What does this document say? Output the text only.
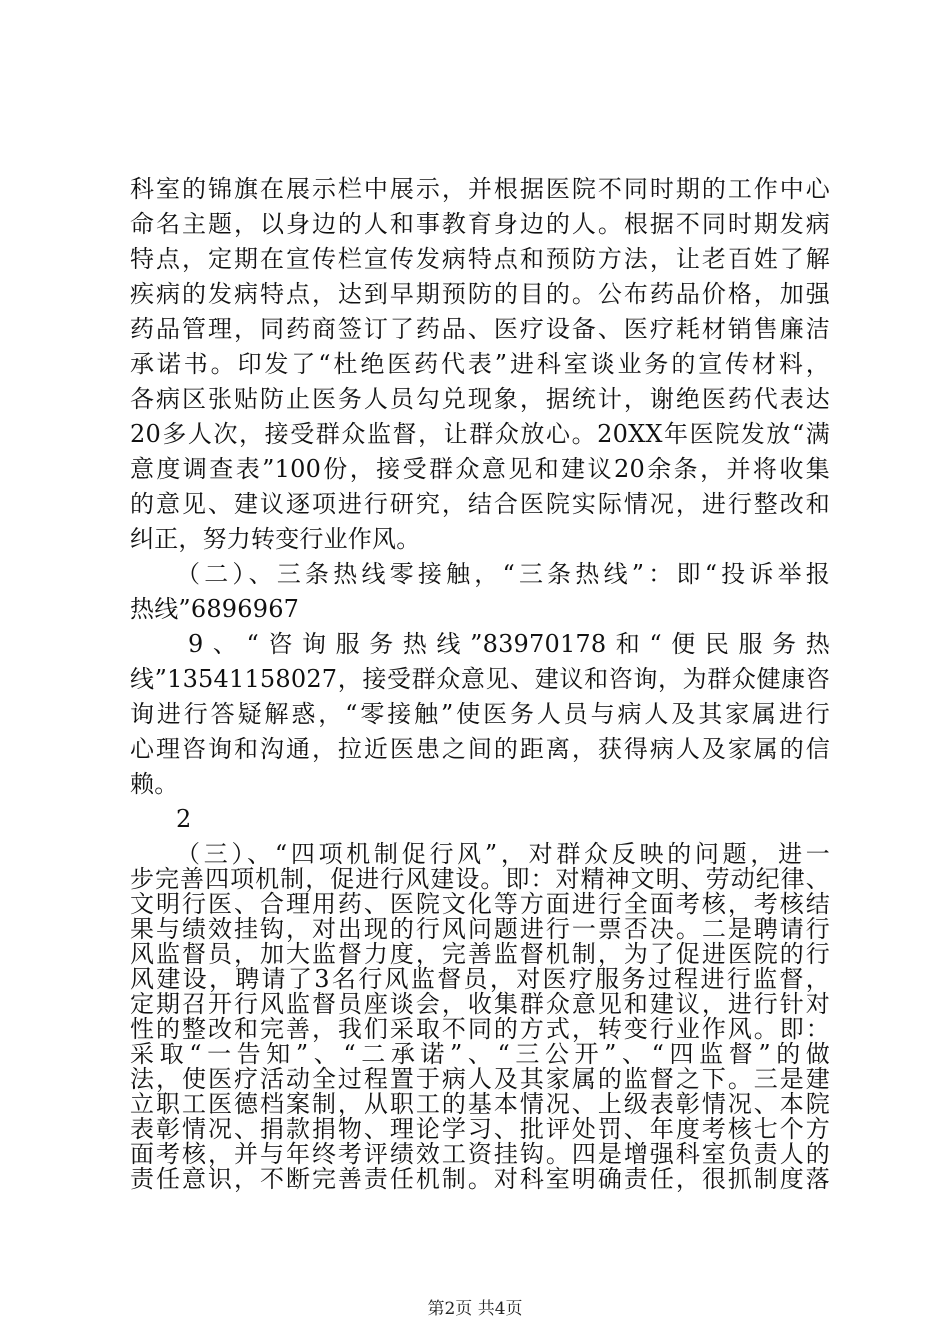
科室的锦旗在展示栏中展示，并根据医院不同时期的工作中心
命名主题，以身边的人和事教育身边的人。根据不同时期发病
特点，定期在宣传栏宣传发病特点和预防方法，让老百姓了解
疾病的发病特点，达到早期预防的目的。公布药品价格，加强
药品管理，同药商签订了药品、医疗设备、医疗耗材销售廉洁
承诺书。印发了“杜绝医药代表”进科室谈业务的宣传材料，
各病区张贴防止医务人员勾兑现象，据统计，谢绝医药代表达
20多人次，接受群众监督，让群众放心。20XX年医院发放“满
意度调查表”100份，接受群众意见和建议20余条，并将收集
的意见、建议逐项进行研究，结合医院实际情况，进行整改和
纠正，努力转变行业作风。
（二）、三条热线零接触，“三条热线”：即“投诉举报
热线”6896967
9、“咨询服务热线”83970178和“便民服务热
线”13541158027，接受群众意见、建议和咨询，为群众健康咨
询进行答疑解惑，“零接触”使医务人员与病人及其家属进行
心理咨询和沟通，拉近医患之间的距离，获得病人及家属的信
赖。
2
（三）、“四项机制促行风”，对群众反映的问题，进一
步完善四项机制，促进行风建设。即：对精神文明、劳动纪律、
文明行医、合理用药、医院文化等方面进行全面考核，考核结
果与绩效挂钩，对出现的行风问题进行一票否决。二是聘请行
风监督员，加大监督力度，完善监督机制，为了促进医院的行
风建设，聘请了3名行风监督员，对医疗服务过程进行监督，
定期召开行风监督员座谈会，收集群众意见和建议，进行针对
性的整改和完善，我们采取不同的方式，转变行业作风。即：
采取“一告知”、“二承诺”、“三公开”、“四监督”的做
法，使医疗活动全过程置于病人及其家属的监督之下。三是建
立职工医德档案制，从职工的基本情况、上级表彰情况、本院
表彰情况、捐款捐物、理论学习、批评处罚、年度考核七个方
面考核，并与年终考评绩效工资挂钩。四是增强科室负责人的
第2页 共4页
责任意识，不断完善责任机制。对科室明确责任，很抓制度落
